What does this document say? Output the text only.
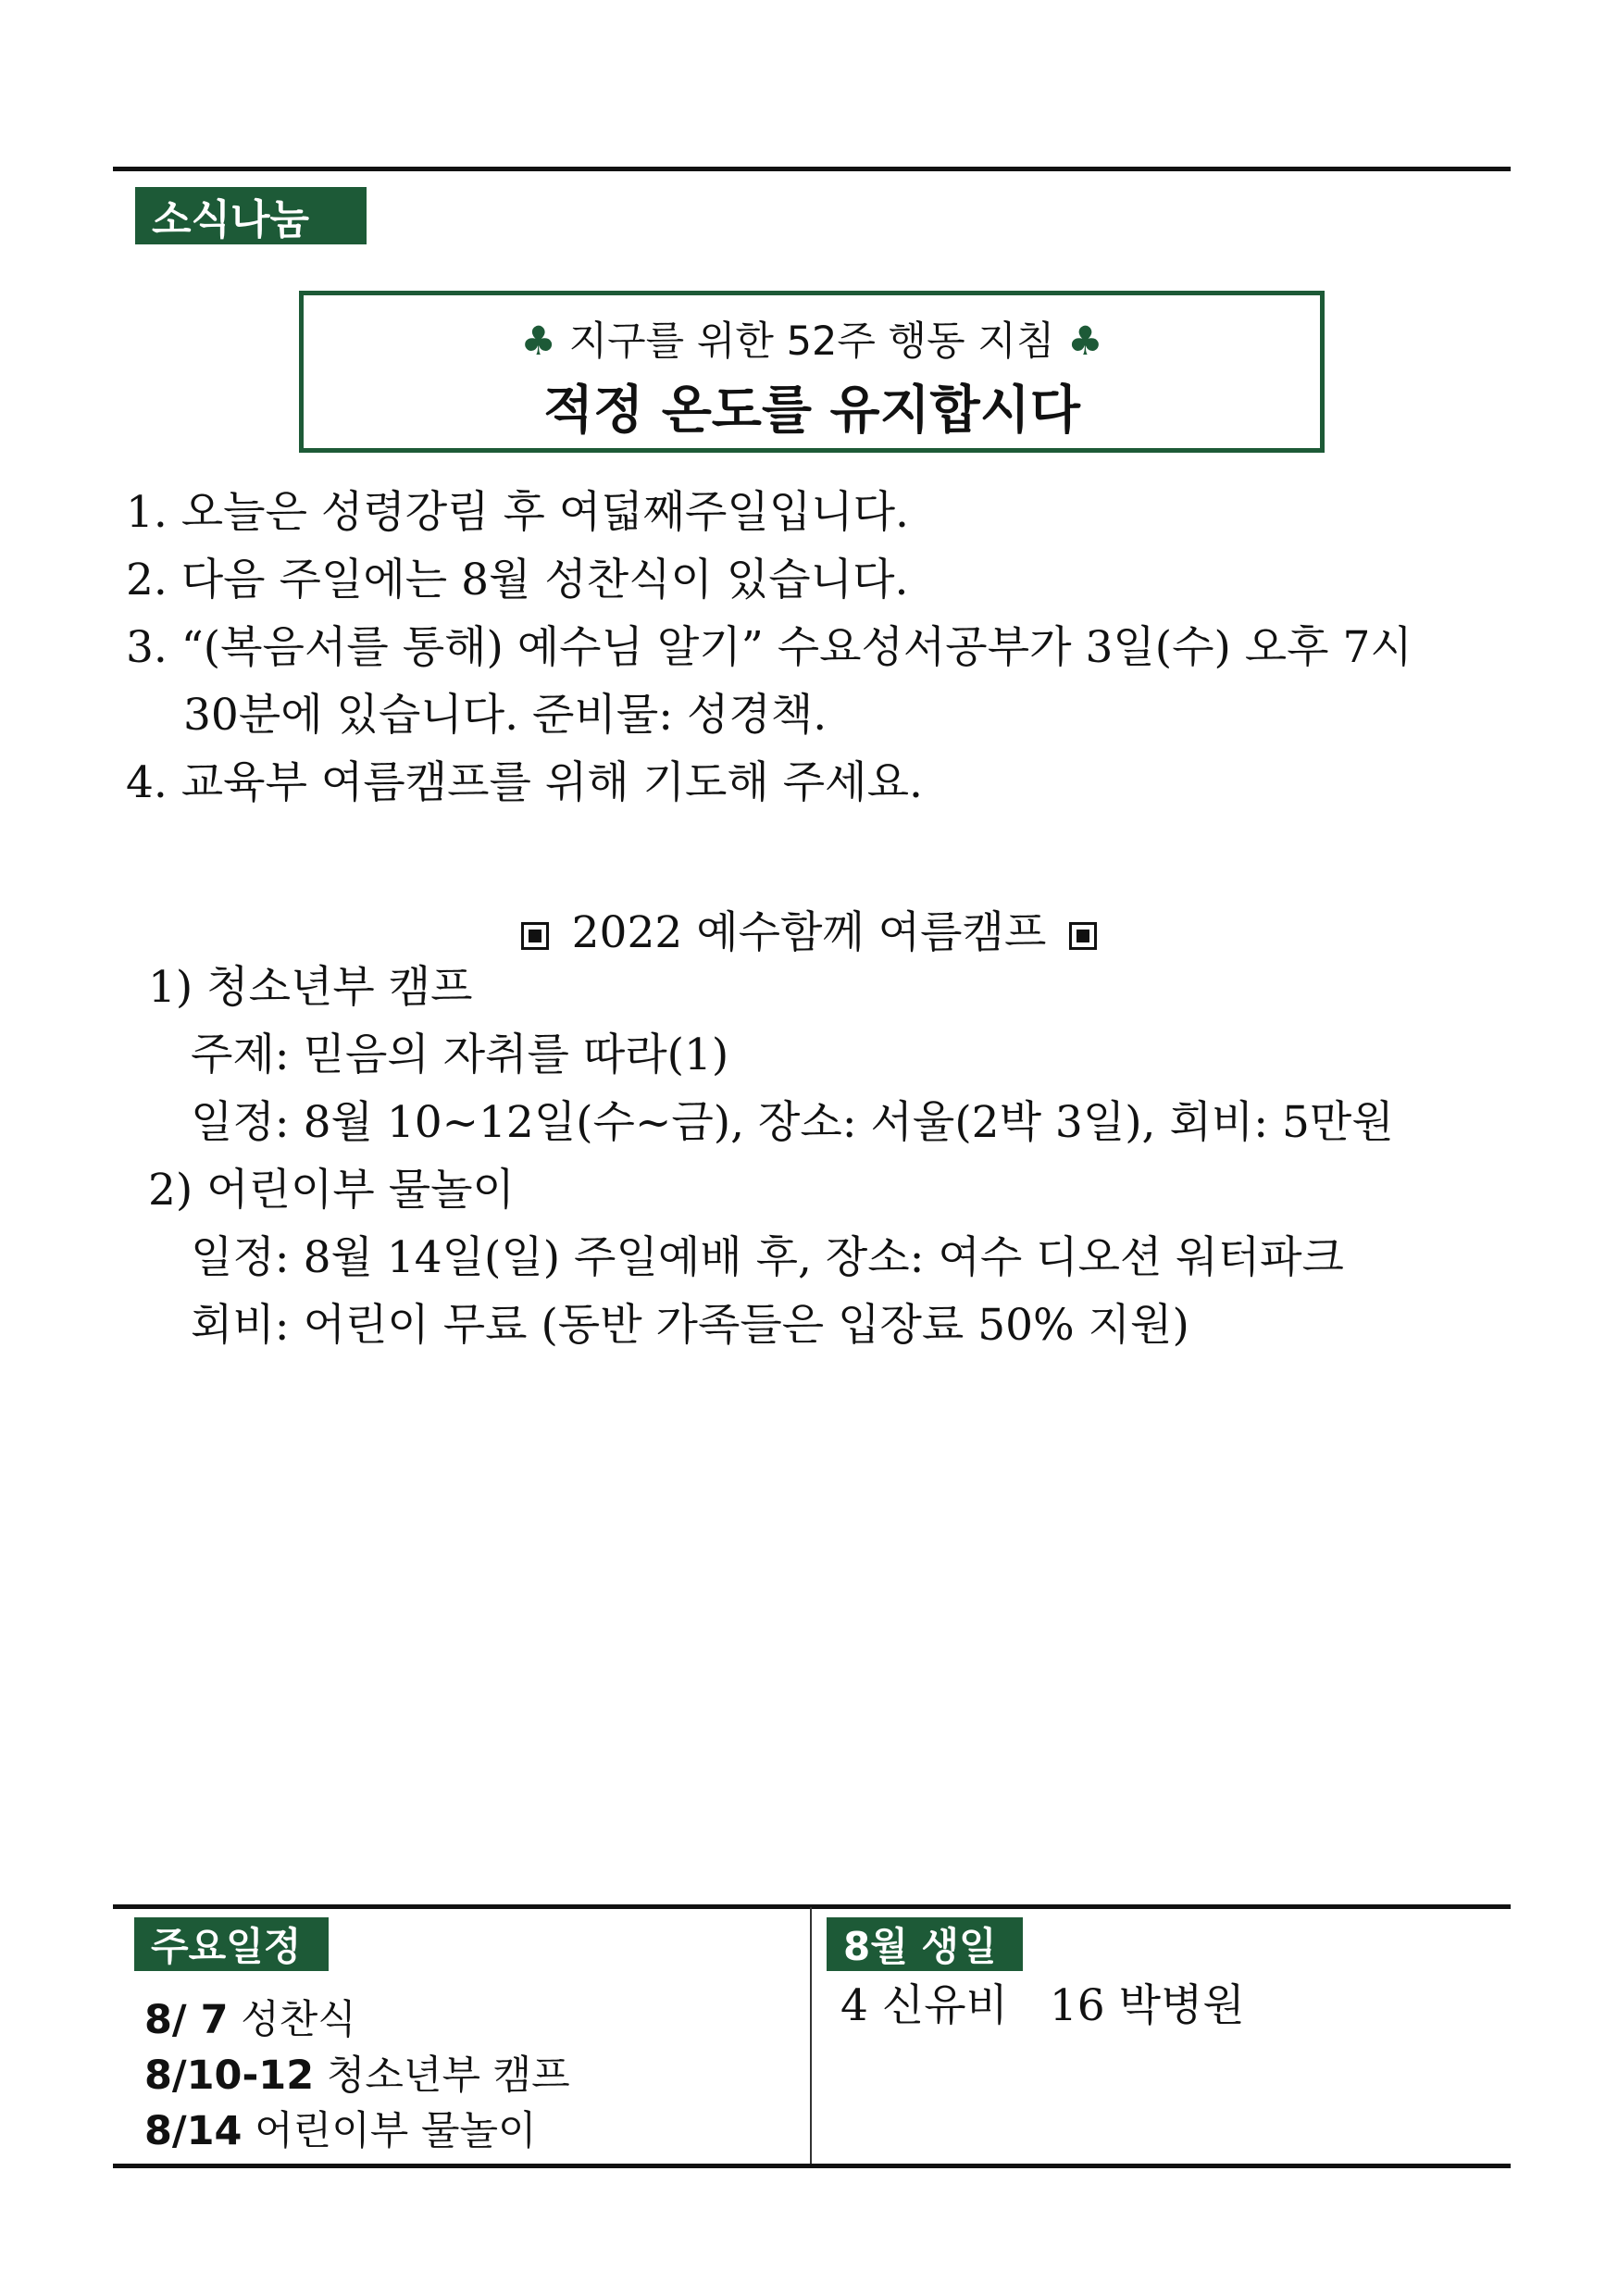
소식나눔
♣ 지구를 위한 52주 행동 지침 ♣
적정 온도를 유지합시다
1. 오늘은 성령강림 후 여덟째주일입니다.
2. 다음 주일에는 8월 성찬식이 있습니다.
3. “(복음서를 통해) 예수님 알기” 수요성서공부가 3일(수) 오후 7시
30분에 있습니다. 준비물: 성경책.
4. 교육부 여름캠프를 위해 기도해 주세요.
2022 예수함께 여름캠프
1) 청소년부 캠프
주제: 믿음의 자취를 따라(1)
일정: 8월 10~12일(수~금), 장소: 서울(2박 3일), 회비: 5만원
2) 어린이부 물놀이
일정: 8월 14일(일) 주일예배 후, 장소: 여수 디오션 워터파크
회비: 어린이 무료 (동반 가족들은 입장료 50% 지원)
주요일정
8/ 7 성찬식
8/10-12 청소년부 캠프
8/14 어린이부 물놀이
8월 생일
4 신유비   16 박병원
